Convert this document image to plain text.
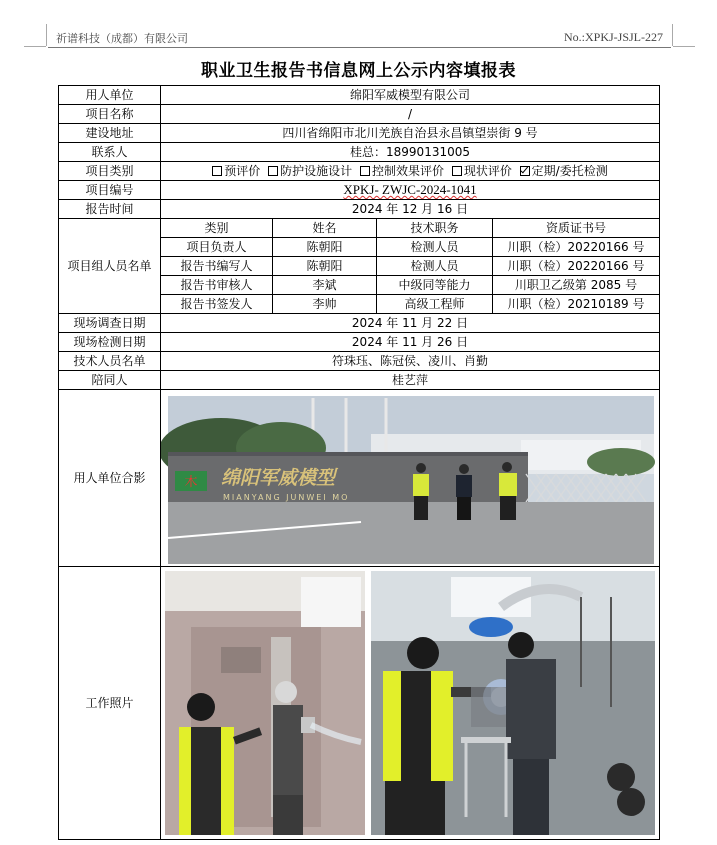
祈谱科技（成都）有限公司	No.:XPKJ-JSJL-227
职业卫生报告书信息网上公示内容填报表
用人单位	绵阳军威模型有限公司			
项目名称	/			
建设地址	四川省绵阳市北川羌族自治县永昌镇望崇街 9 号			
联系人	桂总：18990131005			
项目类别	预评价 防护设施设计 控制效果评价 现状评价 定期/委托检测			
项目编号	XPKJ- ZWJC-2024-1041			
报告时间	2024 年 12 月 16 日			
项目组人员名单	类别	姓名	技术职务	资质证书号
	项目负责人	陈朝阳	检测人员	川职（检）20220166 号
	报告书编写人	陈朝阳	检测人员	川职（检）20220166 号
	报告书审核人	李斌	中级同等能力	川职卫乙级第 2085 号
	报告书签发人	李帅	高级工程师	川职（检）20210189 号
现场调查日期	2024 年 11 月 22 日			
现场检测日期	2024 年 11 月 26 日			
技术人员名单	符珠珏、陈冠侯、凌川、肖勤			
陪同人	桂艺萍			
用人单位合影	木 绵阳军威模型
MIANYANG JUNWEI MO			

工作照片	
